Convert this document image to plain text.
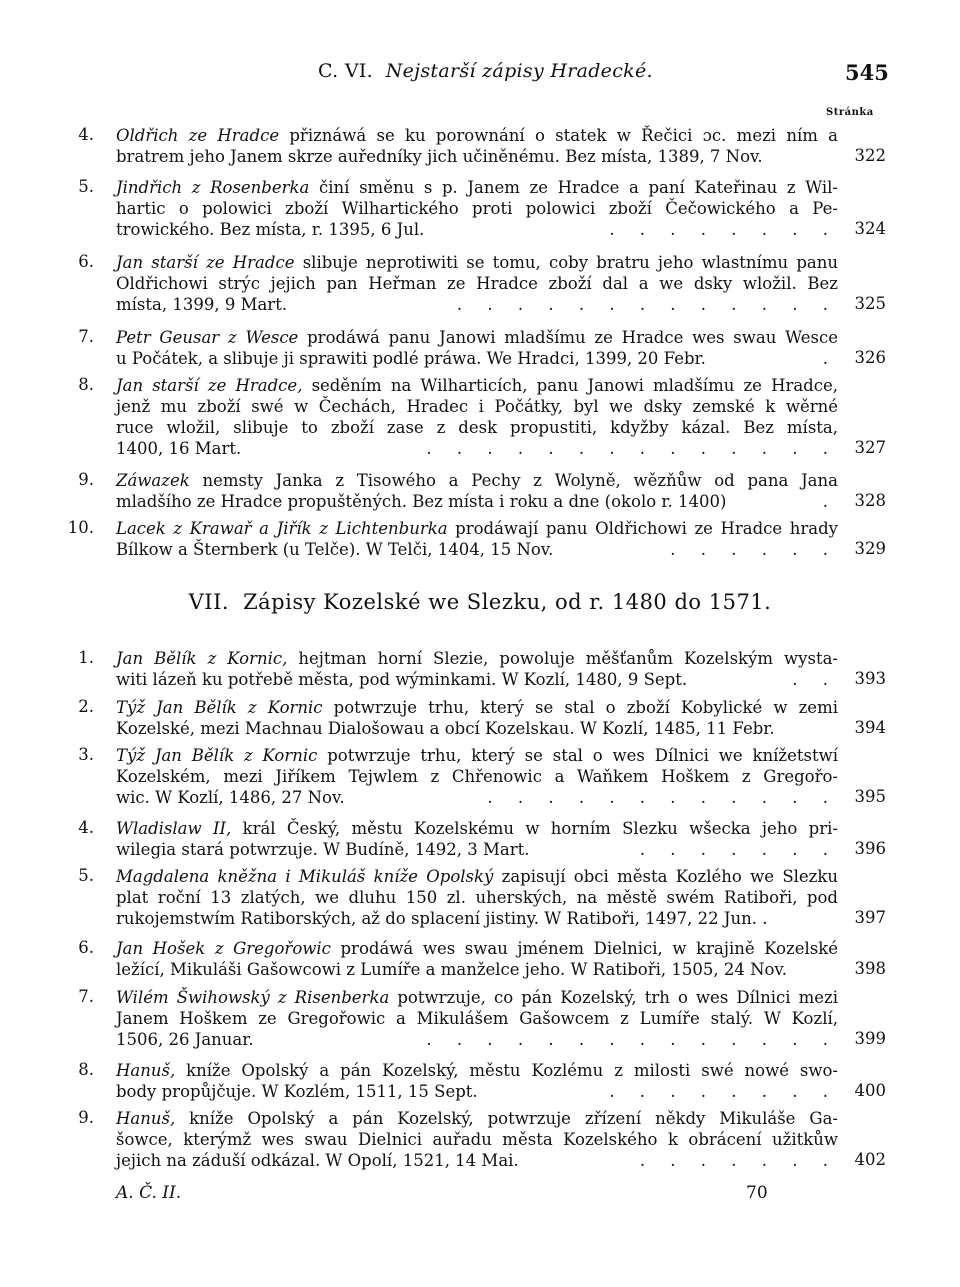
C. VI. Nejstarší zápisy Hradecké.	545
Stránka
4. Oldřich ze Hradce přiznáwá se ku porownání o statek w Řečici ɔc. mezi ním a
bratrem jeho Janem skrze auředníky jich učiněnému. Bez místa, 1389, 7 Nov.	322
5. Jindřich z Rosenberka činí směnu s p. Janem ze Hradce a paní Kateřinau z Wil-
hartic o polowici zboží Wilhartického proti polowici zboží Čečowického a Pe-
trowického. Bez místa, r. 1395, 6 Jul.	. . . . . . . .	324
6. Jan starší ze Hradce slibuje neprotiwiti se tomu, coby bratru jeho wlastnímu panu
Oldřichowi strýc jejich pan Heřman ze Hradce zboží dal a we dsky wložil. Bez
místa, 1399, 9 Mart.	. . . . . . . . . . . . .	325
7. Petr Geusar z Wesce prodáwá panu Janowi mladšímu ze Hradce wes swau Wesce
u Počátek, a slibuje ji sprawiti podlé práwa. We Hradci, 1399, 20 Febr.	.	326
8. Jan starší ze Hradce, seděním na Wilharticích, panu Janowi mladšímu ze Hradce,
jenž mu zboží swé w Čechách, Hradec i Počátky, byl we dsky zemské k wěrné
ruce wložil, slibuje to zboží zase z desk propustiti, kdyžby kázal. Bez místa,
1400, 16 Mart.	. . . . . . . . . . . . . .	327
9. Záwazek nemsty Janka z Tisowého a Pechy z Wolyně, wězňůw od pana Jana
mladšího ze Hradce propuštěných. Bez místa i roku a dne (okolo r. 1400)	.	328
10. Lacek z Krawař a Jiřík z Lichtenburka prodáwají panu Oldřichowi ze Hradce hrady
Bílkow a Šternberk (u Telče). W Telči, 1404, 15 Nov.	. . . . . .	329
VII. Zápisy Kozelské we Slezku, od r. 1480 do 1571.
1. Jan Bělík z Kornic, hejtman horní Slezie, powoluje měšťanům Kozelským wysta-
witi lázeň ku potřebě města, pod wýminkami. W Kozlí, 1480, 9 Sept.	. .	393
2. Týž Jan Bělík z Kornic potwrzuje trhu, který se stal o zboží Kobylické w zemi
Kozelské, mezi Machnau Dialošowau a obcí Kozelskau. W Kozlí, 1485, 11 Febr.	394
3. Týž Jan Bělík z Kornic potwrzuje trhu, který se stal o wes Dílnici we knížetstwí
Kozelském, mezi Jiříkem Tejwlem z Chřenowic a Waňkem Hoškem z Gregořo-
wic. W Kozlí, 1486, 27 Nov.	. . . . . . . . . . . .	395
4. Wladislaw II, král Český, městu Kozelskému w horním Slezku wšecka jeho pri-
wilegia stará potwrzuje. W Budíně, 1492, 3 Mart.	. . . . . . .	396
5. Magdalena kněžna i Mikuláš kníže Opolský zapisují obci města Kozlého we Slezku
plat roční 13 zlatých, we dluhu 150 zl. uherských, na městě swém Ratiboři, pod
rukojemstwím Ratiborských, až do splacení jistiny. W Ratiboři, 1497, 22 Jun. .	397
6. Jan Hošek z Gregořowic prodáwá wes swau jménem Dielnici, w krajině Kozelské
ležící, Mikuláši Gašowcowi z Lumíře a manželce jeho. W Ratiboři, 1505, 24 Nov.	398
7. Wilém Šwihowský z Risenberka potwrzuje, co pán Kozelský, trh o wes Dílnici mezi
Janem Hoškem ze Gregořowic a Mikulášem Gašowcem z Lumíře stalý. W Kozlí,
1506, 26 Januar.	. . . . . . . . . . . . . .	399
8. Hanuš, kníže Opolský a pán Kozelský, městu Kozlému z milosti swé nowé swo-
body propůjčuje. W Kozlém, 1511, 15 Sept.	. . . . . . . .	400
9. Hanuš, kníže Opolský a pán Kozelský, potwrzuje zřízení někdy Mikuláše Ga-
šowce, kterýmž wes swau Dielnici auřadu města Kozelského k obrácení užitkůw
jejich na záduší odkázal. W Opolí, 1521, 14 Mai.	. . . . . . .	402
A. Č. II.	70
